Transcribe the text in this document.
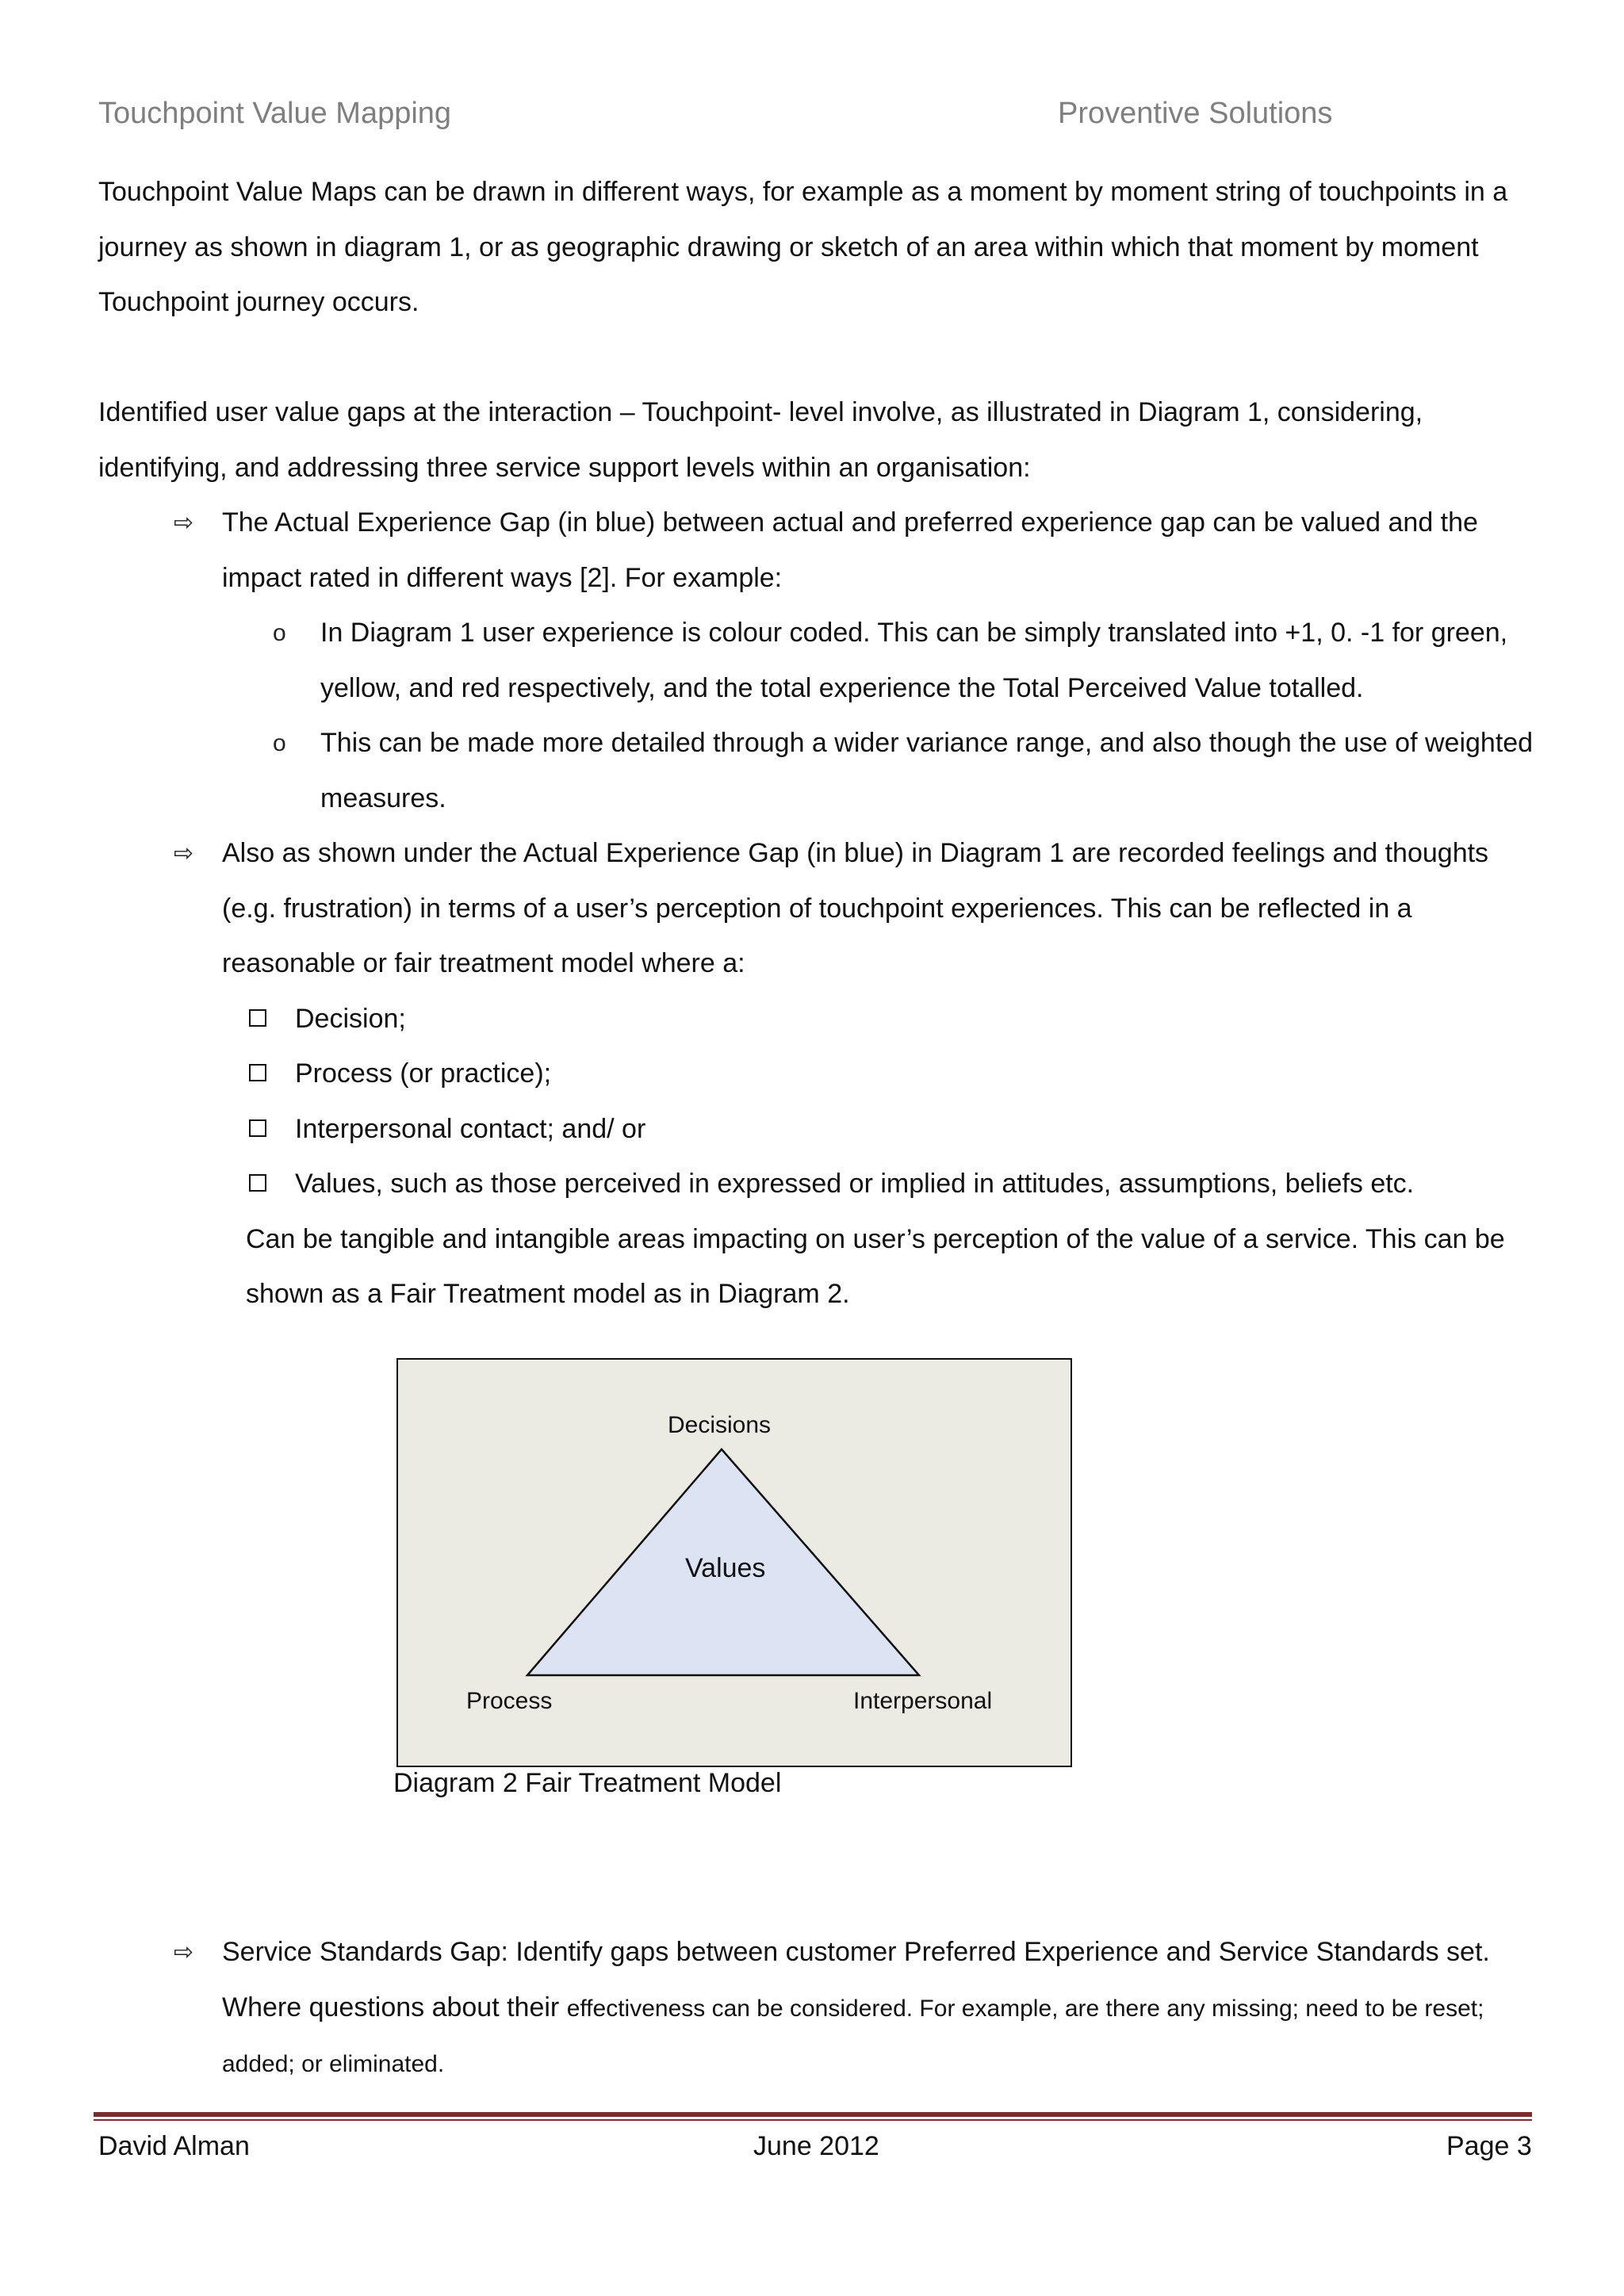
Touchpoint Value Mapping	Proventive Solutions

Touchpoint Value Maps can be drawn in different ways, for example as a moment by moment string of touchpoints in a journey as shown in diagram 1, or as geographic drawing or sketch of an area within which that moment by moment Touchpoint journey occurs.

Identified user value gaps at the interaction – Touchpoint- level involve, as illustrated in Diagram 1, considering, identifying, and addressing three service support levels within an organisation:

⇨ The Actual Experience Gap (in blue) between actual and preferred experience gap can be valued and the impact rated in different ways [2]. For example:
o In Diagram 1 user experience is colour coded. This can be simply translated into +1, 0. -1 for green, yellow, and red respectively, and the total experience the Total Perceived Value totalled.
o This can be made more detailed through a wider variance range, and also though the use of weighted measures.
⇨ Also as shown under the Actual Experience Gap (in blue) in Diagram 1 are recorded feelings and thoughts (e.g. frustration) in terms of a user’s perception of touchpoint experiences. This can be reflected in a reasonable or fair treatment model where a:
Decision;
Process (or practice);
Interpersonal contact; and/ or
Values, such as those perceived in expressed or implied in attitudes, assumptions, beliefs etc.
Can be tangible and intangible areas impacting on user’s perception of the value of a service. This can be shown as a Fair Treatment model as in Diagram 2.
Decisions
Values
Process	Interpersonal
Diagram 2 Fair Treatment Model
⇨ Service Standards Gap: Identify gaps between customer Preferred Experience and Service Standards set. Where questions about their effectiveness can be considered. For example, are there any missing; need to be reset; added; or eliminated.
David Alman	June 2012	Page 3
